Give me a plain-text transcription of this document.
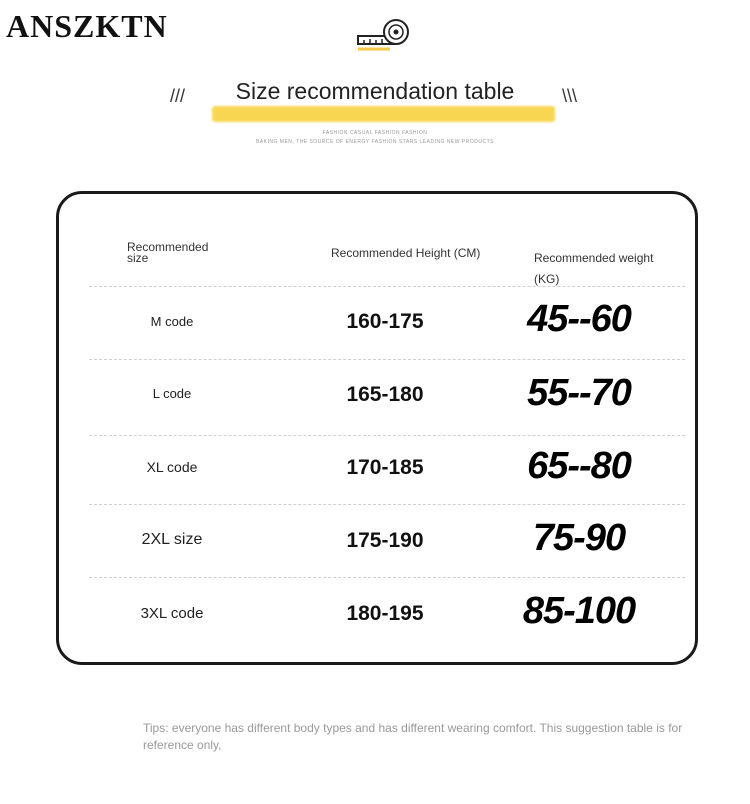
ANSZKTN
Size recommendation table
///	\\\
FASHION CASUAL FASHION FASHION
BAKING MEN, THE SOURCE OF ENERGY FASHION STARS LEADING NEW PRODUCTS
Recommended size	Recommended Height (CM)	Recommended weight (KG)
M code	160-175	45--60
L code	165-180	55--70
XL code	170-185	65--80
2XL size	175-190	75-90
3XL code	180-195	85-100
Tips: everyone has different body types and has different wearing comfort. This suggestion table is for reference only,
